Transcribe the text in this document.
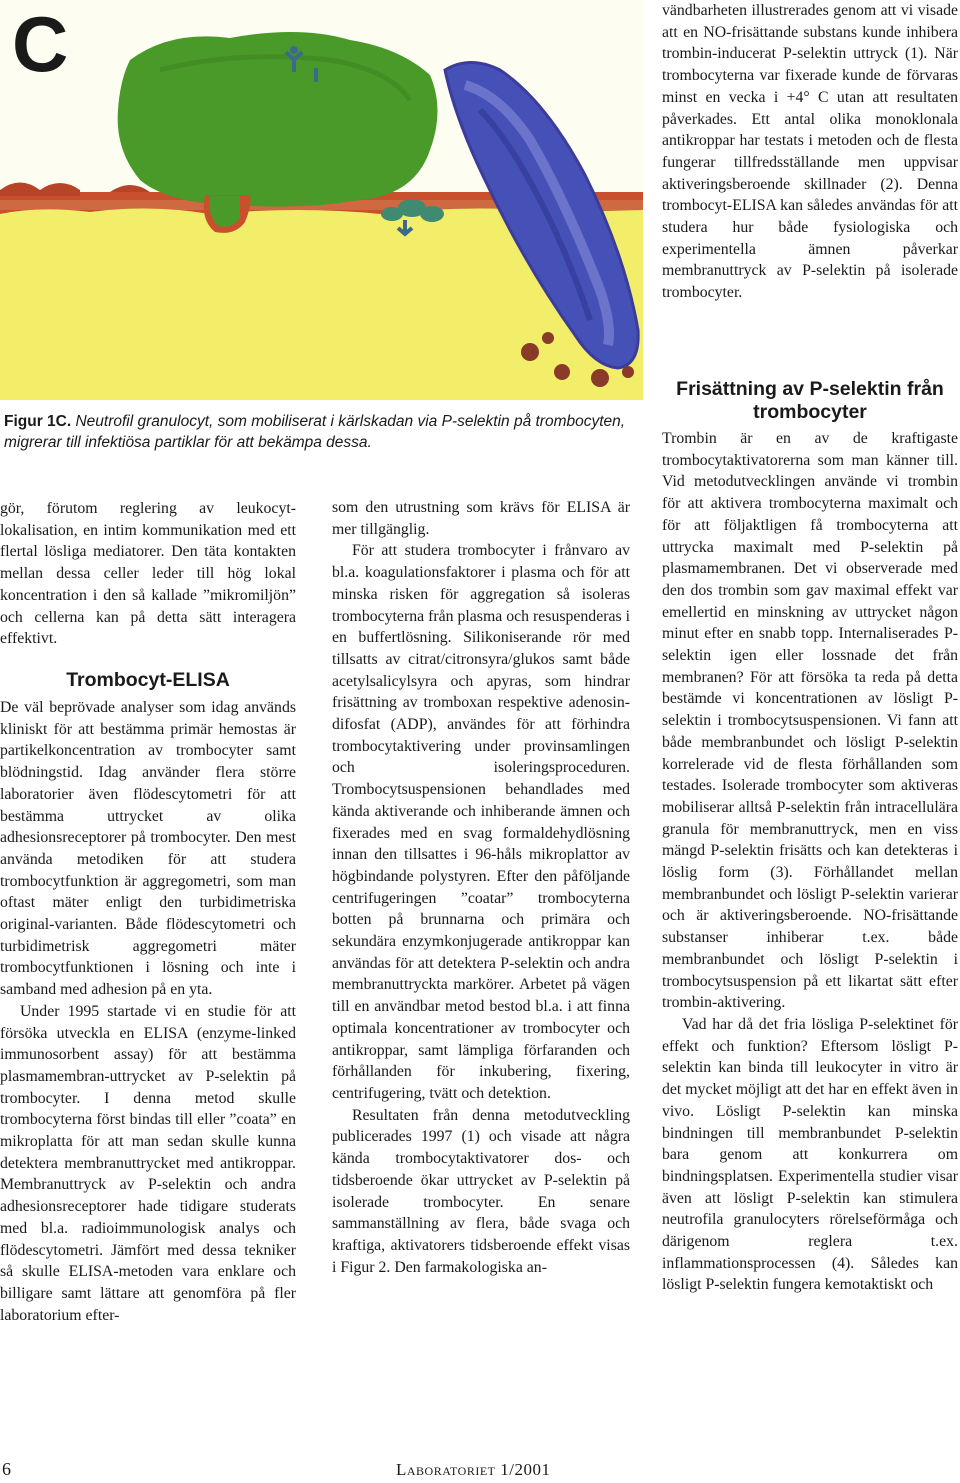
C

Figur 1C. Neutrofil granulocyt, som mobiliserat i kärlskadan via P-selektin på trombocyten, migrerar till infektiösa partiklar för att bekämpa dessa.

gör, förutom reglering av leukocyt-lokalisation, en intim kommunikation med ett flertal lösliga mediatorer. Den täta kontakten mellan dessa celler leder till hög lokal koncentration i den så kallade ”mikromiljön” och cellerna kan på detta sätt interagera effektivt.

Trombocyt-ELISA

De väl beprövade analyser som idag används kliniskt för att bestämma primär hemostas är partikelkoncentration av trombocyter samt blödningstid. Idag använder flera större laboratorier även flödescytometri för att bestämma uttrycket av olika adhesionsreceptorer på trombocyter. Den mest använda metodiken för att studera trombocytfunktion är aggregometri, som man oftast mäter enligt den turbidimetriska original-varianten. Både flödescytometri och turbidimetrisk aggregometri mäter trombocytfunktionen i lösning och inte i samband med adhesion på en yta.

Under 1995 startade vi en studie för att försöka utveckla en ELISA (enzyme-linked immunosorbent assay) för att bestämma plasmamembran-uttrycket av P-selektin på trombocyter. I denna metod skulle trombocyterna först bindas till eller ”coata” en mikroplatta för att man sedan skulle kunna detektera membranuttrycket med antikroppar. Membranuttryck av P-selektin och andra adhesionsreceptorer hade tidigare studerats med bl.a. radioimmunologisk analys och flödescytometri. Jämfört med dessa tekniker så skulle ELISA-metoden vara enklare och billigare samt lättare att genomföra på fler laboratorium efter-

som den utrustning som krävs för ELISA är mer tillgänglig.

För att studera trombocyter i frånvaro av bl.a. koagulationsfaktorer i plasma och för att minska risken för aggregation så isoleras trombocyterna från plasma och resuspenderas i en buffertlösning. Silikoniserande rör med tillsatts av citrat/citronsyra/glukos samt både acetylsalicylsyra och apyras, som hindrar frisättning av tromboxan respektive adenosin-difosfat (ADP), användes för att förhindra trombocytaktivering under provinsamlingen och isoleringsproceduren. Trombocytsuspensionen behandlades med kända aktiverande och inhiberande ämnen och fixerades med en svag formaldehydlösning innan den tillsattes i 96-håls mikroplattor av högbindande polystyren. Efter den påföljande centrifugeringen ”coatar” trombocyterna botten på brunnarna och primära och sekundära enzymkonjugerade antikroppar kan användas för att detektera P-selektin och andra membranuttryckta markörer. Arbetet på vägen till en användbar metod bestod bl.a. i att finna optimala koncentrationer av trombocyter och antikroppar, samt lämpliga förfaranden och förhållanden för inkubering, fixering, centrifugering, tvätt och detektion.

Resultaten från denna metodutveckling publicerades 1997 (1) och visade att några kända trombocytaktivatorer dos- och tidsberoende ökar uttrycket av P-selektin på isolerade trombocyter. En senare sammanställning av flera, både svaga och kraftiga, aktivatorers tidsberoende effekt visas i Figur 2. Den farmakologiska an-

vändbarheten illustrerades genom att vi visade att en NO-frisättande substans kunde inhibera trombin-inducerat P-selektin uttryck (1). När trombocyterna var fixerade kunde de förvaras minst en vecka i +4° C utan att resultaten påverkades. Ett antal olika monoklonala antikroppar har testats i metoden och de flesta fungerar tillfredsställande men uppvisar aktiveringsberoende skillnader (2). Denna trombocyt-ELISA kan således användas för att studera hur både fysiologiska och experimentella ämnen påverkar membranuttryck av P-selektin på isolerade trombocyter.

Frisättning av P-selektin från trombocyter

Trombin är en av de kraftigaste trombocytaktivatorerna som man känner till. Vid metodutvecklingen använde vi trombin för att aktivera trombocyterna maximalt och för att följaktligen få trombocyterna att uttrycka maximalt med P-selektin på plasmamembranen. Det vi observerade med den dos trombin som gav maximal effekt var emellertid en minskning av uttrycket någon minut efter en snabb topp. Internaliserades P-selektin igen eller lossnade det från membranen? För att försöka ta reda på detta bestämde vi koncentrationen av lösligt P-selektin i trombocytsuspensionen. Vi fann att både membranbundet och lösligt P-selektin korrelerade vid de flesta förhållanden som testades. Isolerade trombocyter som aktiveras mobiliserar alltså P-selektin från intracellulära granula för membranuttryck, men en viss mängd P-selektin frisätts och kan detekteras i löslig form (3). Förhållandet mellan membranbundet och lösligt P-selektin varierar och är aktiveringsberoende. NO-frisättande substanser inhiberar t.ex. både membranbundet och lösligt P-selektin i trombocytsuspension på ett likartat sätt efter trombin-aktivering.

Vad har då det fria lösliga P-selektinet för effekt och funktion? Eftersom lösligt P-selektin kan binda till leukocyter in vitro är det mycket möjligt att det har en effekt även in vivo. Lösligt P-selektin kan minska bindningen till membranbundet P-selektin bara genom att konkurrera om bindningsplatsen. Experimentella studier visar även att lösligt P-selektin kan stimulera neutrofila granulocyters rörelseförmåga och därigenom reglera t.ex. inflammationsprocessen (4). Således kan lösligt P-selektin fungera kemotaktiskt och

6	Laboratoriet 1/2001
